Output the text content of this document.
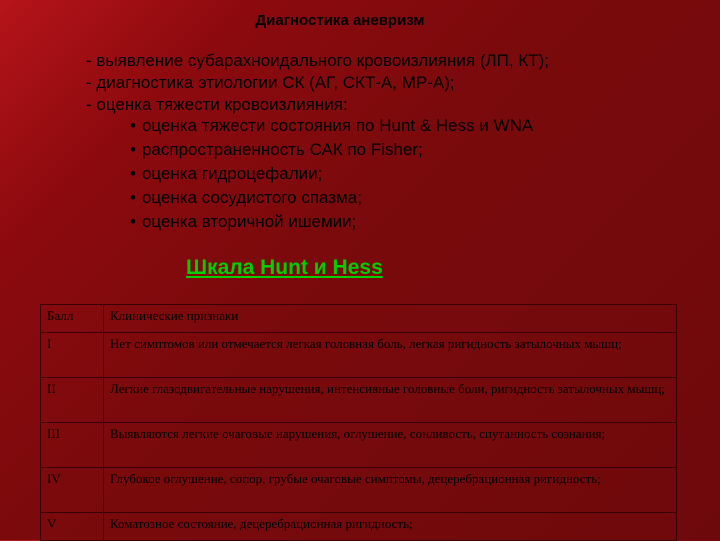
Диагностика аневризм
- выявление субарахноидального кровоизлияния (ЛП, КТ);
- диагностика этиологии СК (АГ, СКТ-А, МР-А);
- оценка тяжести кровоизлияния:
• оценка тяжести состояния по Hunt & Hess и WNA
• распространенность САК по Fisher;
• оценка гидроцефалии;
• оценка сосудистого спазма;
• оценка вторичной ишемии;
Шкала Hunt и Hess
Балл	Клинические признаки
I	Нет симптомов или отмечается легкая головная боль, легкая ригидность затылочных мышц;
II	Легкие глазодвигательные нарушения, интенсивные головные боли, ригидность затылочных мышц;
III	Выявляются легкие очаговые нарушения, оглушение, сонливость, спутанность сознания;
IV	Глубокое оглушение, сопор, грубые очаговые симптомы, децеребрационная ригидность;
V	Коматозное состояние, децеребрационная ригидность;
